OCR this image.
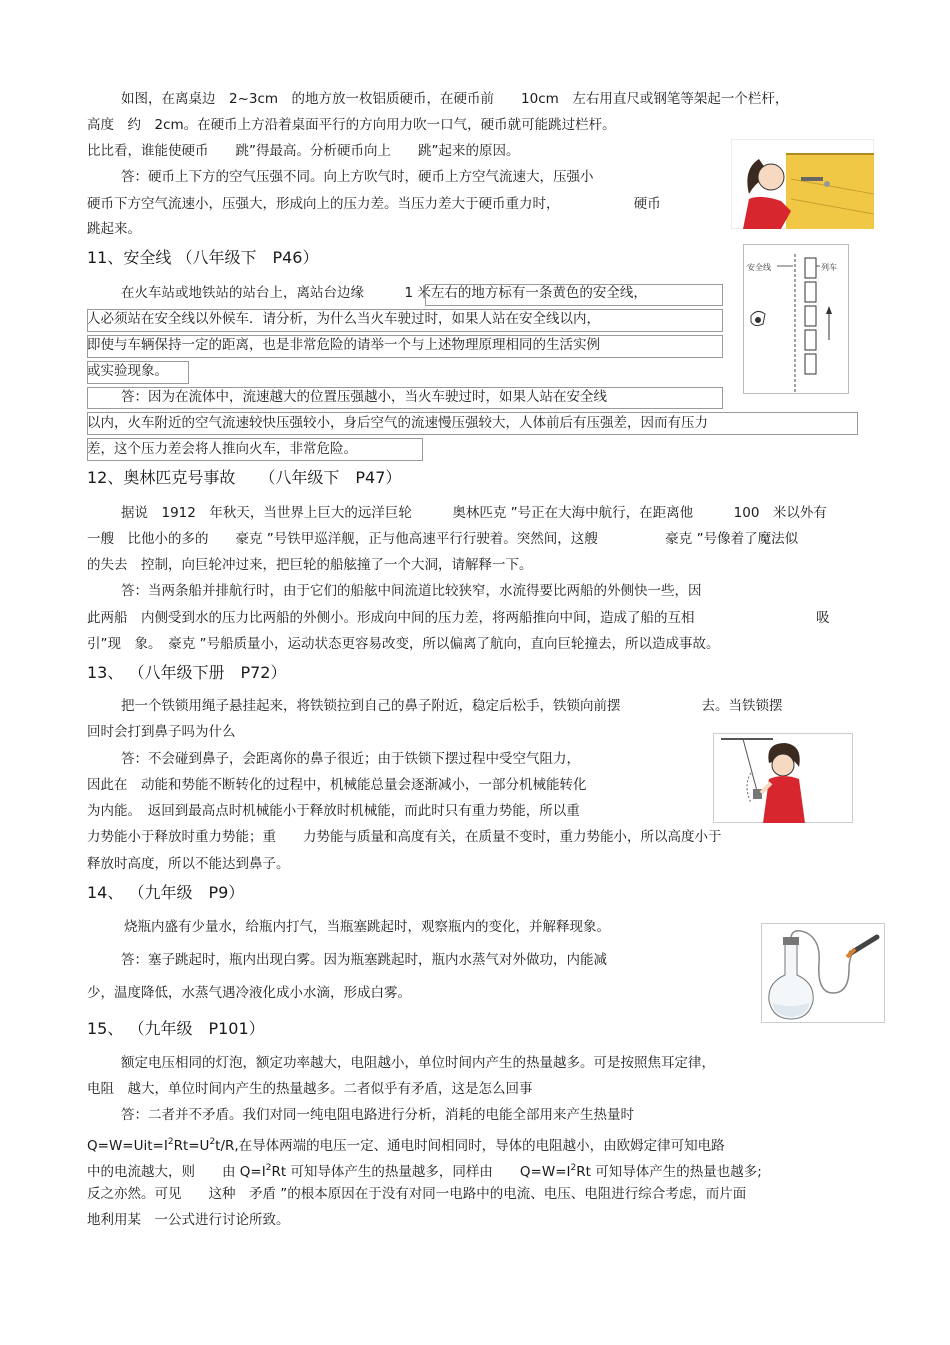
如图，在离桌边　2~3cm　的地方放一枚铝质硬币，在硬币前　　10cm　左右用直尺或钢笔等架起一个栏杆，
高度　约　2cm。在硬币上方沿着桌面平行的方向用力吹一口气，硬币就可能跳过栏杆。
比比看，谁能使硬币　　跳”得最高。分析硬币向上　　跳”起来的原因。
答：硬币上下方的空气压强不同。向上方吹气时，硬币上方空气流速大，压强小
硬币下方空气流速小，压强大，形成向上的压力差。当压力差大于硬币重力时，　　　　　　硬币
跳起来。
11、安全线 （八年级下　P46）
在火车站或地铁站的站台上，离站台边缘　　　1 米左右的地方标有一条黄色的安全线，
人必须站在安全线以外候车．请分析，为什么当火车驶过时，如果人站在安全线以内，
即使与车辆保持一定的距离，也是非常危险的请举一个与上述物理原理相同的生活实例
或实验现象。
答：因为在流体中，流速越大的位置压强越小，当火车驶过时，如果人站在安全线
以内，火车附近的空气流速较快压强较小，身后空气的流速慢压强较大，人体前后有压强差，因而有压力
差，这个压力差会将人推向火车，非常危险。
安全线	列车
12、奥林匹克号事故　　（八年级下　P47）
据说　1912　年秋天，当世界上巨大的远洋巨轮　　　奥林匹克 ”号正在大海中航行，在距离他　　　100　米以外有
一艘　比他小的多的　　豪克 ”号铁甲巡洋舰，正与他高速平行行驶着。突然间，这艘　　　　　豪克 ”号像着了魔法似
的失去　控制，向巨轮冲过来，把巨轮的船舷撞了一个大洞，请解释一下。
答：当两条船并排航行时，由于它们的船舷中间流道比较狭窄，水流得要比两船的外侧快一些，因
此两船　内侧受到水的压力比两船的外侧小。形成向中间的压力差，将两船推向中间，造成了船的互相　　　　　　　　　吸
引”现　象。　豪克 ”号船质量小，运动状态更容易改变，所以偏离了航向，直向巨轮撞去，所以造成事故。
13、 （八年级下册　P72）
把一个铁锁用绳子悬挂起来，将铁锁拉到自己的鼻子附近，稳定后松手，铁锁向前摆　　　　　　去。当铁锁摆
回时会打到鼻子吗为什么
答：不会碰到鼻子，会距离你的鼻子很近；由于铁锁下摆过程中受空气阻力，
因此在　动能和势能不断转化的过程中，机械能总量会逐渐减小，一部分机械能转化
为内能。　返回到最高点时机械能小于释放时机械能，而此时只有重力势能，所以重
力势能小于释放时重力势能；重　　力势能与质量和高度有关，在质量不变时，重力势能小，所以高度小于
释放时高度，所以不能达到鼻子。
14、 （九年级　P9）
烧瓶内盛有少量水，给瓶内打气，当瓶塞跳起时，观察瓶内的变化，并解释现象。
答：塞子跳起时，瓶内出现白雾。因为瓶塞跳起时，瓶内水蒸气对外做功，内能减
少，温度降低，水蒸气遇冷液化成小水滴，形成白雾。
15、 （九年级　P101）
额定电压相同的灯泡，额定功率越大，电阻越小，单位时间内产生的热量越多。可是按照焦耳定律，
电阻　越大，单位时间内产生的热量越多。二者似乎有矛盾，这是怎么回事
答：二者并不矛盾。我们对同一纯电阻电路进行分析，消耗的电能全部用来产生热量时
$Q=W=Uit=I^2Rt=U^2t/R$,在导体两端的电压一定、通电时间相同时，导体的电阻越小，由欧姆定律可知电路
中的电流越大，则　　由 $Q=I^2Rt$ 可知导体产生的热量越多，同样由　　$Q=W=I^2Rt$ 可知导体产生的热量也越多;
反之亦然。可见　　这种　矛盾 ”的根本原因在于没有对同一电路中的电流、电压、电阻进行综合考虑，而片面
地利用某　一公式进行讨论所致。
